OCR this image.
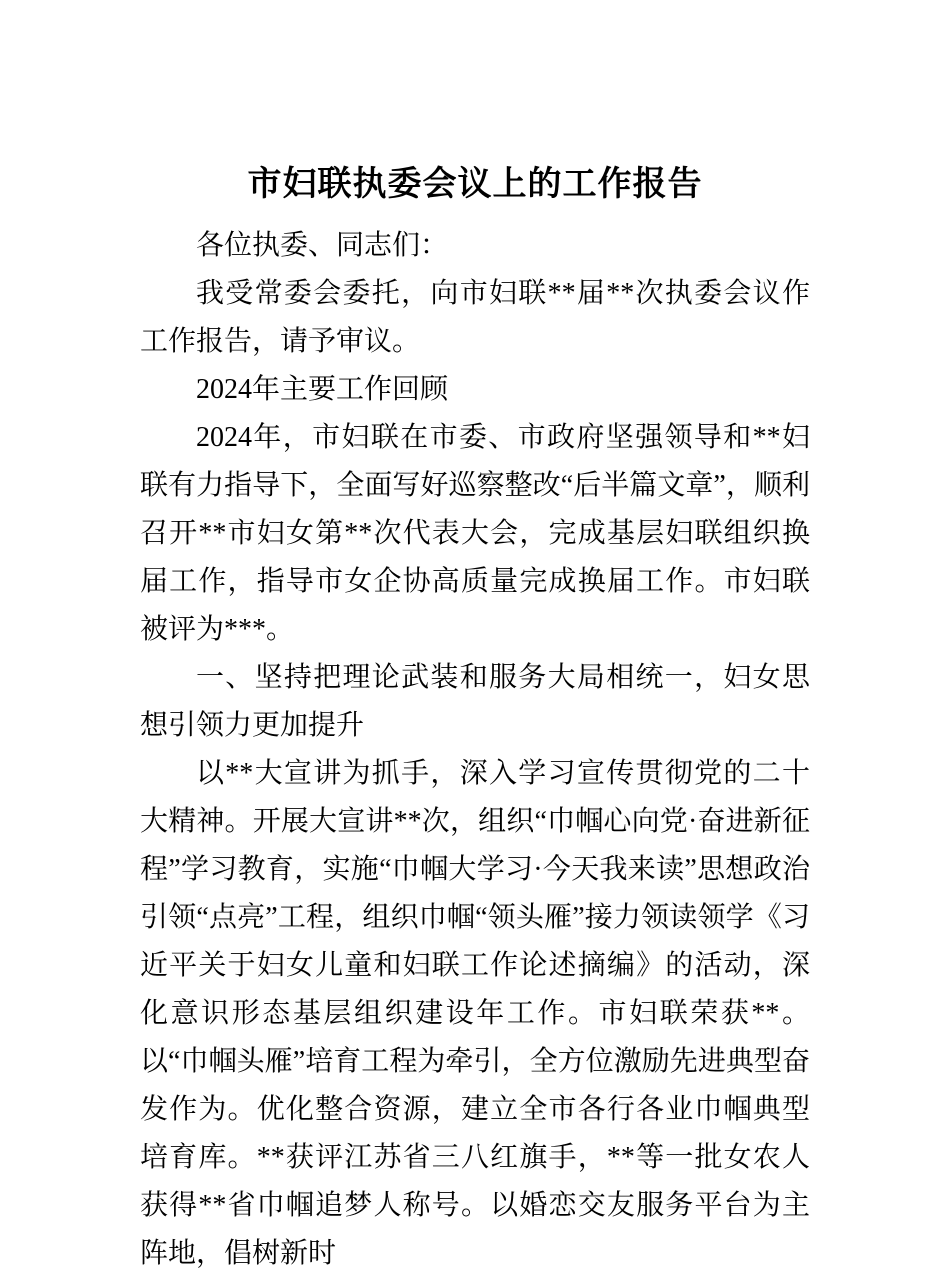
市妇联执委会议上的工作报告

各位执委、同志们：

我受常委会委托，向市妇联**届**次执委会议作工作报告，请予审议。

2024年主要工作回顾

2024年，市妇联在市委、市政府坚强领导和**妇联有力指导下，全面写好巡察整改“后半篇文章”，顺利召开**市妇女第**次代表大会，完成基层妇联组织换届工作，指导市女企协高质量完成换届工作。市妇联被评为***。

一、坚持把理论武装和服务大局相统一，妇女思想引领力更加提升

以**大宣讲为抓手，深入学习宣传贯彻党的二十大精神。开展大宣讲**次，组织“巾帼心向党·奋进新征程”学习教育，实施“巾帼大学习·今天我来读”思想政治引领“点亮”工程，组织巾帼“领头雁”接力领读领学《习近平关于妇女儿童和妇联工作论述摘编》的活动，深化意识形态基层组织建设年工作。市妇联荣获**。以“巾帼头雁”培育工程为牵引，全方位激励先进典型奋发作为。优化整合资源，建立全市各行各业巾帼典型培育库。**获评江苏省三八红旗手，**等一批女农人获得**省巾帼追梦人称号。以婚恋交友服务平台为主阵地，倡树新时
